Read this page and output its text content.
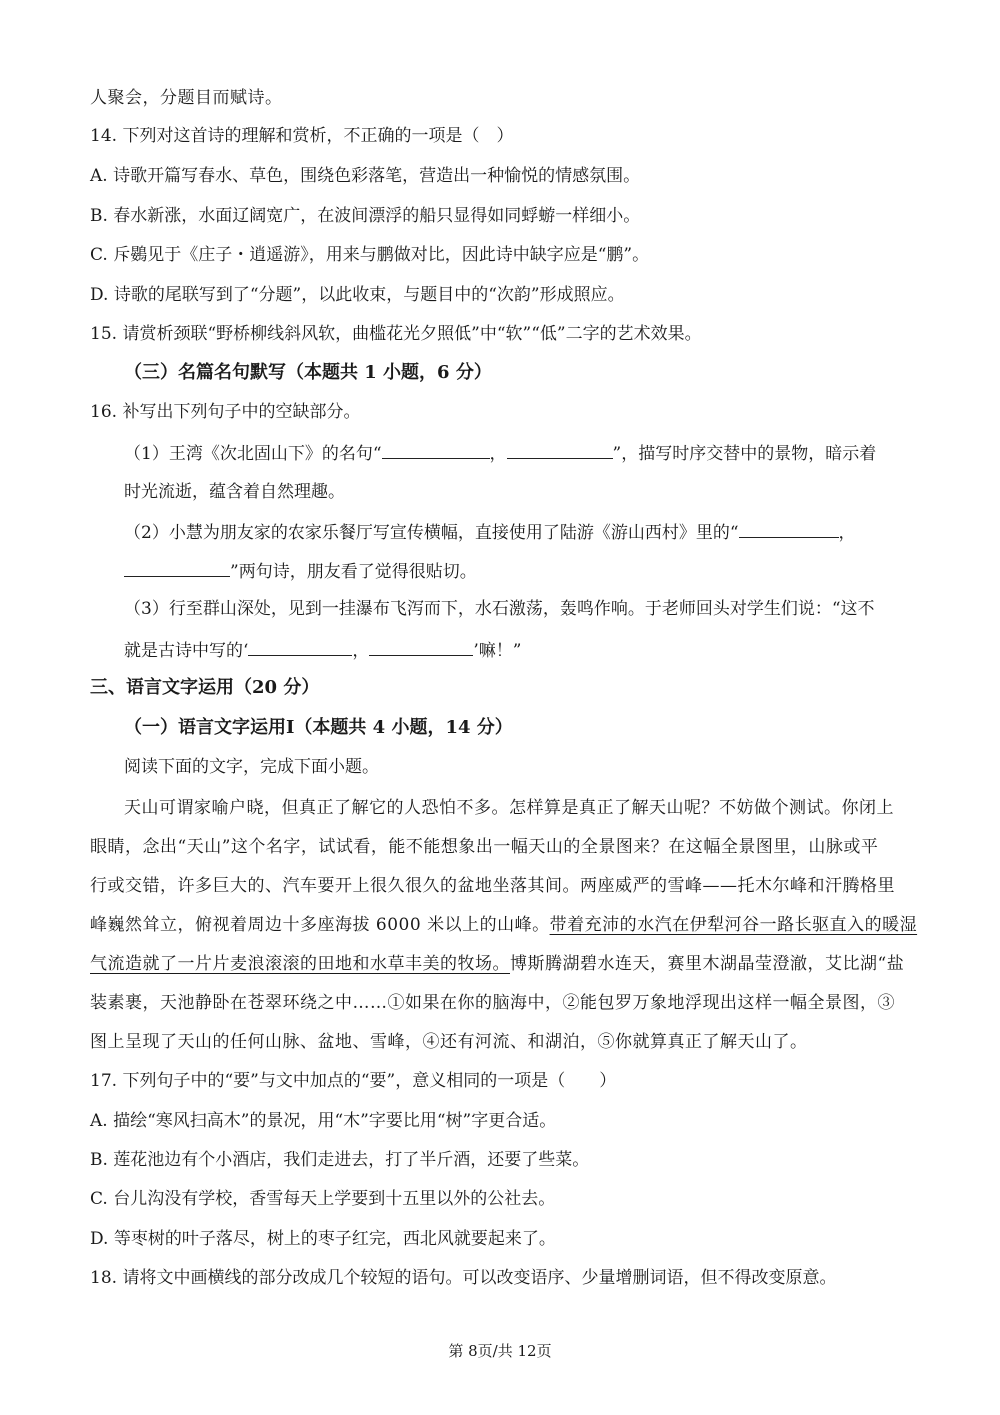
人聚会，分题目而赋诗。
14. 下列对这首诗的理解和赏析，不正确的一项是（　）
A. 诗歌开篇写春水、草色，围绕色彩落笔，营造出一种愉悦的情感氛围。
B. 春水新涨，水面辽阔宽广，在波间漂浮的船只显得如同蜉蝣一样细小。
C. 斥鷃见于《庄子・逍遥游》，用来与鹏做对比，因此诗中缺字应是“鹏”。
D. 诗歌的尾联写到了“分题”，以此收束，与题目中的“次韵”形成照应。
15. 请赏析颈联“野桥柳线斜风软，曲槛花光夕照低”中“软”“低”二字的艺术效果。
（三）名篇名句默写（本题共 1 小题，6 分）
16. 补写出下列句子中的空缺部分。
（1）王湾《次北固山下》的名句“	，	”，描写时序交替中的景物，暗示着
时光流逝，蕴含着自然理趣。
（2）小慧为朋友家的农家乐餐厅写宣传横幅，直接使用了陆游《游山西村》里的“	，
”两句诗，朋友看了觉得很贴切。
（3）行至群山深处，见到一挂瀑布飞泻而下，水石激荡，轰鸣作响。于老师回头对学生们说：“这不
就是古诗中写的‘	，	’嘛！”
三、语言文字运用（20 分）
（一）语言文字运用Ⅰ（本题共 4 小题，14 分）
阅读下面的文字，完成下面小题。
天山可谓家喻户晓，但真正了解它的人恐怕不多。怎样算是真正了解天山呢？不妨做个测试。你闭上
眼睛，念出“天山”这个名字，试试看，能不能想象出一幅天山的全景图来？在这幅全景图里，山脉或平
行或交错，许多巨大的、汽车要开上很久很久的盆地坐落其间。两座威严的雪峰——托木尔峰和汗腾格里
峰巍然耸立，俯视着周边十多座海拔 6000 米以上的山峰。带着充沛的水汽在伊犁河谷一路长驱直入的暖湿
气流造就了一片片麦浪滚滚的田地和水草丰美的牧场。博斯腾湖碧水连天，赛里木湖晶莹澄澈，艾比湖“盐
装素裹，天池静卧在苍翠环绕之中……①如果在你的脑海中，②能包罗万象地浮现出这样一幅全景图，③
图上呈现了天山的任何山脉、盆地、雪峰，④还有河流、和湖泊，⑤你就算真正了解天山了。
17. 下列句子中的“要”与文中加点的“要”，意义相同的一项是（　　）
A. 描绘“寒风扫高木”的景况，用“木”字要比用“树”字更合适。
B. 莲花池边有个小酒店，我们走进去，打了半斤酒，还要了些菜。
C. 台儿沟没有学校，香雪每天上学要到十五里以外的公社去。
D. 等枣树的叶子落尽，树上的枣子红完，西北风就要起来了。
18. 请将文中画横线的部分改成几个较短的语句。可以改变语序、少量增删词语，但不得改变原意。
第 8页/共 12页
